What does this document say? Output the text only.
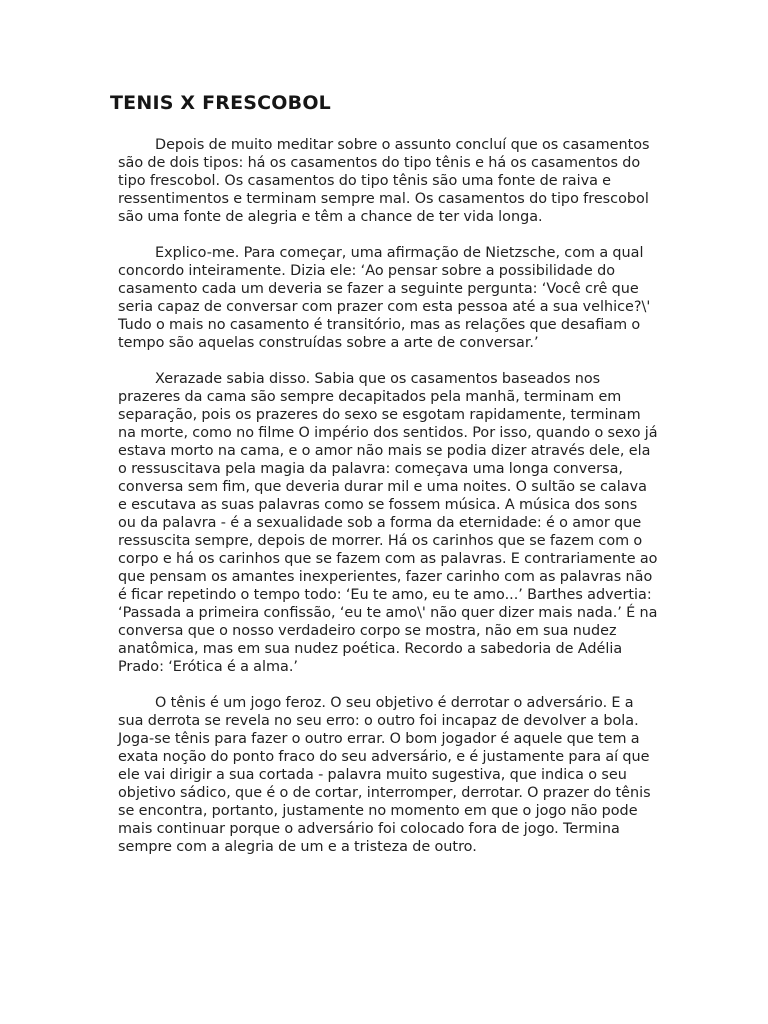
TENIS X FRESCOBOL

Depois de muito meditar sobre o assunto concluí que os casamentos são de dois tipos: há os casamentos do tipo tênis e há os casamentos do tipo frescobol. Os casamentos do tipo tênis são uma fonte de raiva e ressentimentos e terminam sempre mal. Os casamentos do tipo frescobol são uma fonte de alegria e têm a chance de ter vida longa.

Explico-me. Para começar, uma afirmação de Nietzsche, com a qual concordo inteiramente. Dizia ele: ‘Ao pensar sobre a possibilidade do casamento cada um deveria se fazer a seguinte pergunta: ‘Você crê que seria capaz de conversar com prazer com esta pessoa até a sua velhice?\' Tudo o mais no casamento é transitório, mas as relações que desafiam o tempo são aquelas construídas sobre a arte de conversar.’

Xerazade sabia disso. Sabia que os casamentos baseados nos prazeres da cama são sempre decapitados pela manhã, terminam em separação, pois os prazeres do sexo se esgotam rapidamente, terminam na morte, como no filme O império dos sentidos. Por isso, quando o sexo já estava morto na cama, e o amor não mais se podia dizer através dele, ela o ressuscitava pela magia da palavra: começava uma longa conversa, conversa sem fim, que deveria durar mil e uma noites. O sultão se calava e escutava as suas palavras como se fossem música. A música dos sons ou da palavra - é a sexualidade sob a forma da eternidade: é o amor que ressuscita sempre, depois de morrer. Há os carinhos que se fazem com o corpo e há os carinhos que se fazem com as palavras. E contrariamente ao que pensam os amantes inexperientes, fazer carinho com as palavras não é ficar repetindo o tempo todo: ‘Eu te amo, eu te amo...’ Barthes advertia: ‘Passada a primeira confissão, ‘eu te amo\' não quer dizer mais nada.’ É na conversa que o nosso verdadeiro corpo se mostra, não em sua nudez anatômica, mas em sua nudez poética. Recordo a sabedoria de Adélia Prado: ‘Erótica é a alma.’

O tênis é um jogo feroz. O seu objetivo é derrotar o adversário. E a sua derrota se revela no seu erro: o outro foi incapaz de devolver a bola. Joga-se tênis para fazer o outro errar. O bom jogador é aquele que tem a exata noção do ponto fraco do seu adversário, e é justamente para aí que ele vai dirigir a sua cortada - palavra muito sugestiva, que indica o seu objetivo sádico, que é o de cortar, interromper, derrotar. O prazer do tênis se encontra, portanto, justamente no momento em que o jogo não pode mais continuar porque o adversário foi colocado fora de jogo. Termina sempre com a alegria de um e a tristeza de outro.
